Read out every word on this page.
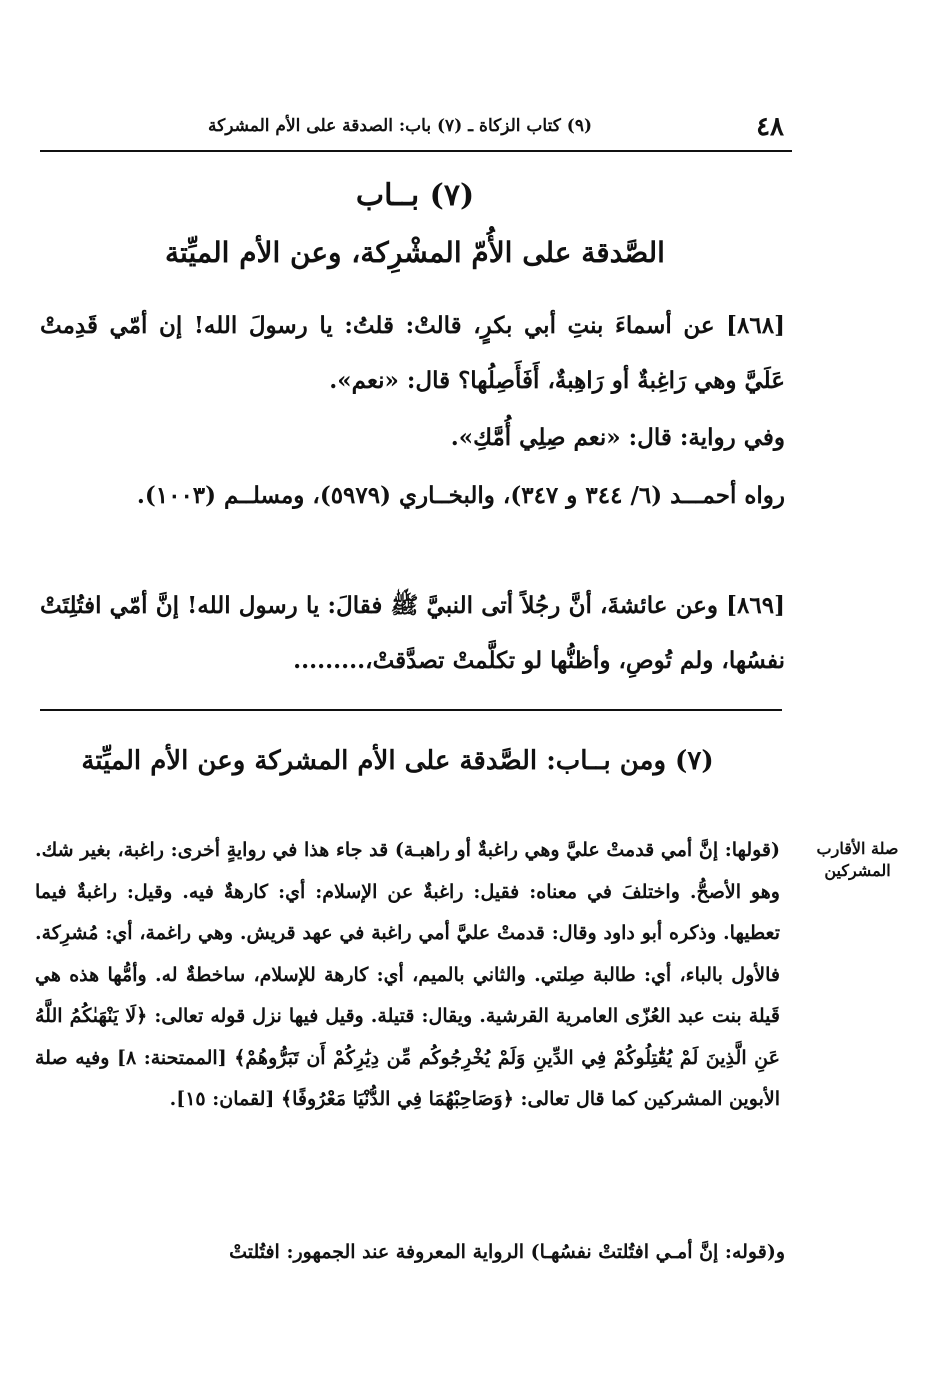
٤٨
(٩) كتاب الزكاة ـ (٧) باب: الصدقة على الأم المشركة
(٧) بــاب
الصَّدقة على الأُمّ المشْرِكة، وعن الأم الميِّتة

[٨٦٨] عن أسماءَ بنتِ أبي بكرٍ، قالتْ: قلتُ: يا رسولَ الله! إن أمّي قَدِمتْ عَلَيَّ وهي رَاغِبةٌ أو رَاهِبةٌ، أَفَأَصِلُها؟ قال: «نعم».

وفي رواية: قال: «نعم صِلِي أُمَّكِ».

رواه أحمـــد (٦/ ٣٤٤ و ٣٤٧)، والبخــاري (٥٩٧٩)، ومسلــم (١٠٠٣).

[٨٦٩] وعن عائشةَ، أنَّ رجُلاً أتى النبيَّ ﷺ فقالَ: يا رسول الله! إنَّ أمّي افتُلِتَتْ نفسُها، ولم تُوصِ، وأظنُّها لو تكلَّمتْ تصدَّقتْ،.........

(٧) ومن بــاب: الصَّدقة على الأم المشركة وعن الأم الميِّتة
صلة الأقارب المشركين

(قولها: إنَّ أمي قدمتْ عليَّ وهي راغبةٌ أو راهبـة) قد جاء هذا في روايةٍ أخرى: راغبة، بغير شك. وهو الأصحُّ. واختلفَ في معناه: فقيل: راغبةٌ عن الإسلام: أي: كارهةٌ فيه. وقيل: راغبةٌ فيما تعطيها. وذكره أبو داود وقال: قدمتْ عليَّ أمي راغبة في عهد قريش. وهي راغمة، أي: مُشرِكة. فالأول بالباء، أي: طالبة صِلتي. والثاني بالميم، أي: كارهة للإسلام، ساخطةٌ له. وأمُّها هذه هي قَيلة بنت عبد العُزّى العامرية القرشية. ويقال: قتيلة. وقيل فيها نزل قوله تعالى: ﴿لَا يَنْهَىٰكُمُ اللَّهُ عَنِ الَّذِينَ لَمْ يُقَٰتِلُوكُمْ فِي الدِّينِ وَلَمْ يُخْرِجُوكُم مِّن دِيَٰرِكُمْ أَن تَبَرُّوهُمْ﴾ [الممتحنة: ٨] وفيه صلة الأبوين المشركين كما قال تعالى: ﴿وَصَاحِبْهُمَا فِي الدُّنْيَا مَعْرُوفًا﴾ [لقمان: ١٥].

و(قوله: إنَّ أمـي افتُلتتْ نفسُهـا) الرواية المعروفة عند الجمهور: افتُلتتْ
